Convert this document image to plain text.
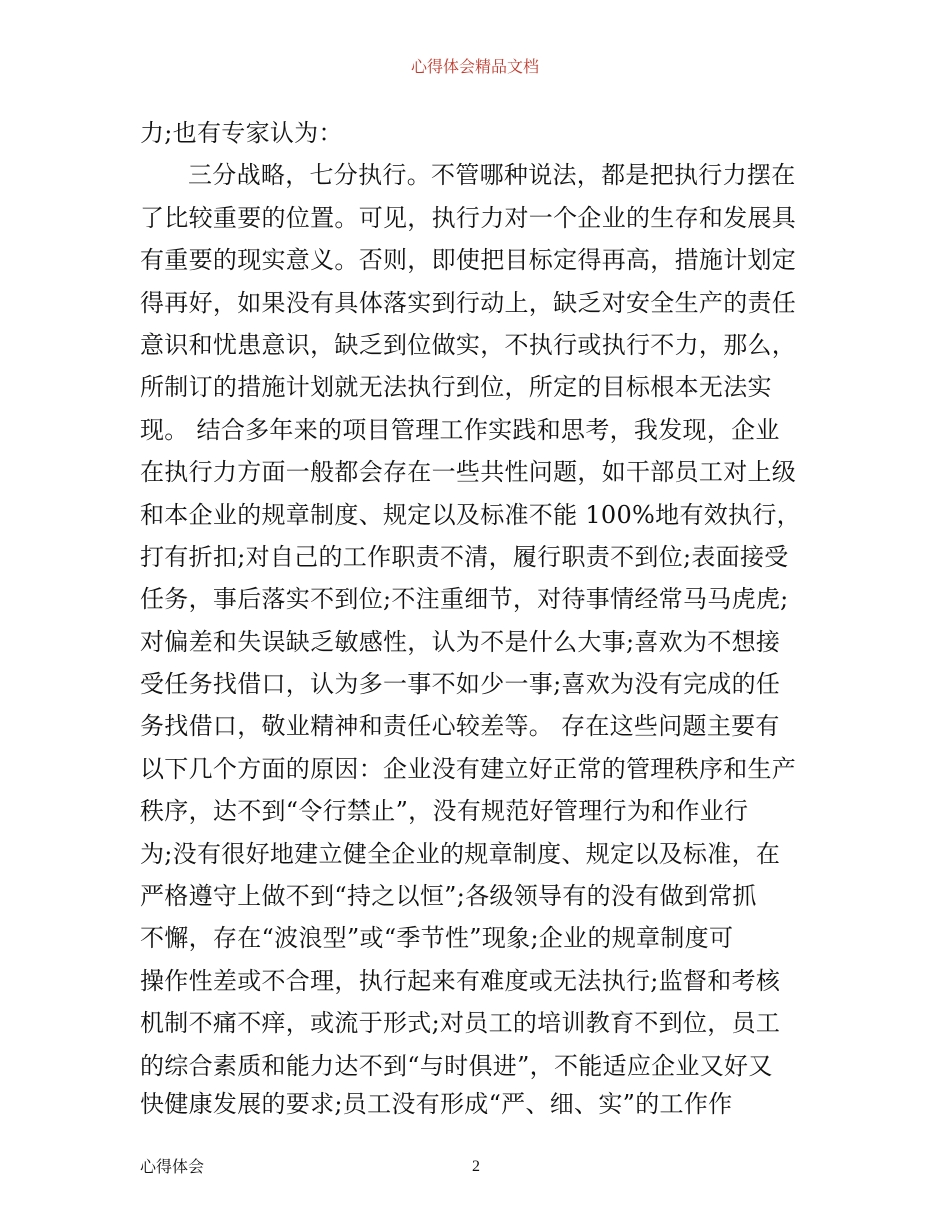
心得体会精品文档
力;也有专家认为：
三分战略，七分执行。不管哪种说法，都是把执行力摆在
了比较重要的位置。可见，执行力对一个企业的生存和发展具
有重要的现实意义。否则，即使把目标定得再高，措施计划定
得再好，如果没有具体落实到行动上，缺乏对安全生产的责任
意识和忧患意识，缺乏到位做实，不执行或执行不力，那么，
所制订的措施计划就无法执行到位，所定的目标根本无法实
现。 结合多年来的项目管理工作实践和思考，我发现，企业
在执行力方面一般都会存在一些共性问题，如干部员工对上级
和本企业的规章制度、规定以及标准不能 100%地有效执行，
打有折扣;对自己的工作职责不清，履行职责不到位;表面接受
任务，事后落实不到位;不注重细节，对待事情经常马马虎虎;
对偏差和失误缺乏敏感性，认为不是什么大事;喜欢为不想接
受任务找借口，认为多一事不如少一事;喜欢为没有完成的任
务找借口，敬业精神和责任心较差等。 存在这些问题主要有
以下几个方面的原因：企业没有建立好正常的管理秩序和生产
秩序，达不到“令行禁止”，没有规范好管理行为和作业行
为;没有很好地建立健全企业的规章制度、规定以及标准，在
严格遵守上做不到“持之以恒”;各级领导有的没有做到常抓
不懈，存在“波浪型”或“季节性”现象;企业的规章制度可
操作性差或不合理，执行起来有难度或无法执行;监督和考核
机制不痛不痒，或流于形式;对员工的培训教育不到位，员工
的综合素质和能力达不到“与时俱进”，不能适应企业又好又
快健康发展的要求;员工没有形成“严、细、实”的工作作
心得体会	2
